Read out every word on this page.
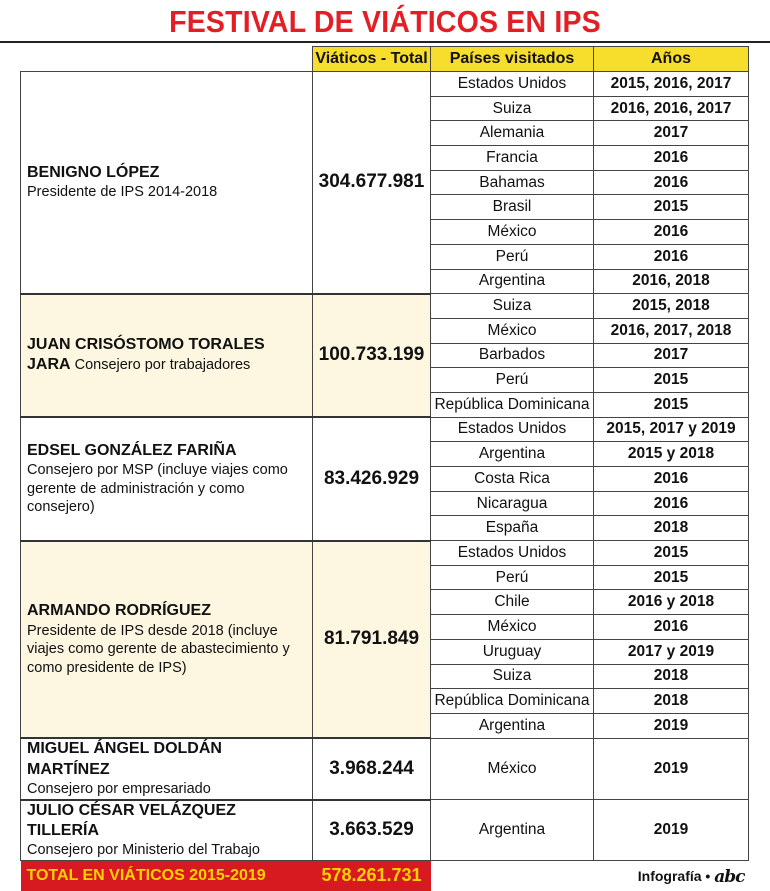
FESTIVAL DE VIÁTICOS EN IPS
	Viáticos - Total	Países visitados	Años
BENIGNO LÓPEZ
Presidente de IPS 2014-2018	304.677.981	Estados Unidos	2015, 2016, 2017
		Suiza	2016, 2016, 2017
		Alemania	2017
		Francia	2016
		Bahamas	2016
		Brasil	2015
		México	2016
		Perú	2016
		Argentina	2016, 2018
JUAN CRISÓSTOMO TORALES JARA Consejero por trabajadores	100.733.199	Suiza	2015, 2018
		México	2016, 2017, 2018
		Barbados	2017
		Perú	2015
		República Dominicana	2015
EDSEL GONZÁLEZ FARIÑA
Consejero por MSP (incluye viajes como gerente de administración y como consejero)	83.426.929	Estados Unidos	2015, 2017 y 2019
		Argentina	2015 y 2018
		Costa Rica	2016
		Nicaragua	2016
		España	2018
ARMANDO RODRÍGUEZ
Presidente de IPS desde 2018 (incluye viajes como gerente de abastecimiento y como presidente de IPS)	81.791.849	Estados Unidos	2015
		Perú	2015
		Chile	2016 y 2018
		México	2016
		Uruguay	2017 y 2019
		Suiza	2018
		República Dominicana	2018
		Argentina	2019
MIGUEL ÁNGEL DOLDÁN MARTÍNEZ
Consejero por empresariado	3.968.244	México	2019
JULIO CÉSAR VELÁZQUEZ TILLERÍA
Consejero por Ministerio del Trabajo	3.663.529	Argentina	2019
TOTAL EN VIÁTICOS 2015-2019	578.261.731	Infografía • abc	
